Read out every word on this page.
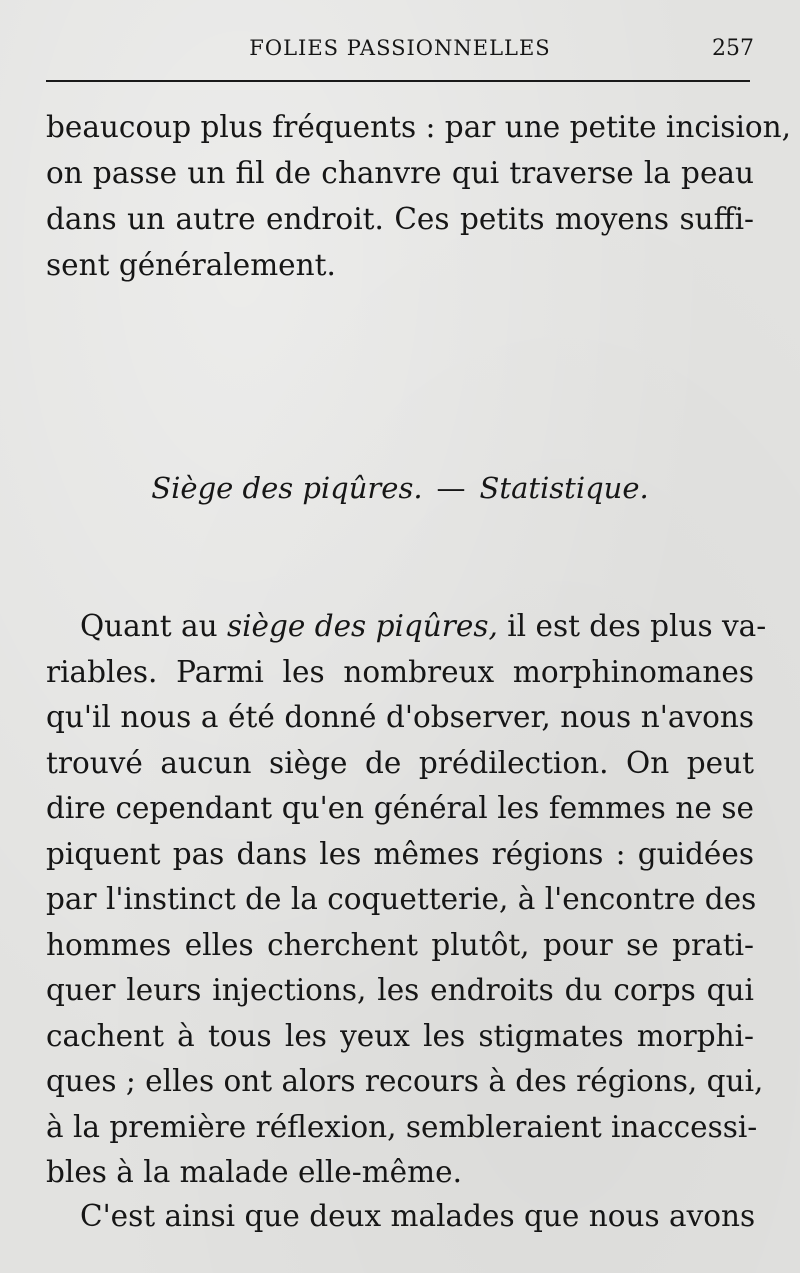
FOLIES PASSIONNELLES	257
beaucoup plus fréquents : par une petite incision,
on passe un fil de chanvre qui traverse la peau
dans un autre endroit. Ces petits moyens suffi-
sent généralement.
Siège des piqûres. — Statistique.
Quant au siège des piqûres, il est des plus va-
riables. Parmi les nombreux morphinomanes
qu'il nous a été donné d'observer, nous n'avons
trouvé aucun siège de prédilection. On peut
dire cependant qu'en général les femmes ne se
piquent pas dans les mêmes régions : guidées
par l'instinct de la coquetterie, à l'encontre des
hommes elles cherchent plutôt, pour se prati-
quer leurs injections, les endroits du corps qui
cachent à tous les yeux les stigmates morphi-
ques ; elles ont alors recours à des régions, qui,
à la première réflexion, sembleraient inaccessi-
bles à la malade elle-même.
C'est ainsi que deux malades que nous avons
